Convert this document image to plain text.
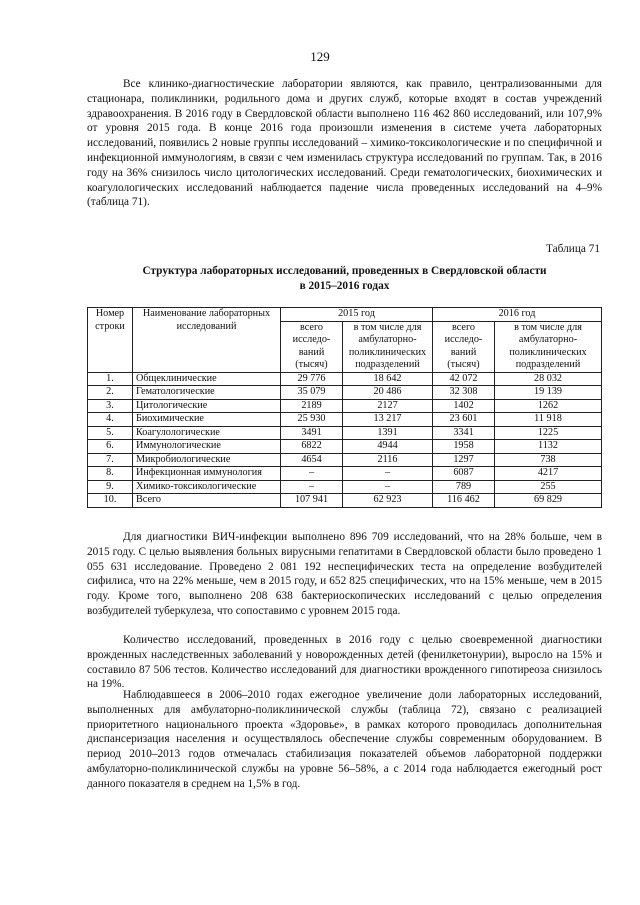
129

Все клинико-диагностические лаборатории являются, как правило, централизованными для стационара, поликлиники, родильного дома и других служб, которые входят в состав учреждений здравоохранения. В 2016 году в Свердловской области выполнено 116 462 860 исследований, или 107,9% от уровня 2015 года. В конце 2016 года произошли изменения в системе учета лабораторных исследований, появились 2 новые группы исследований – химико-токсикологические и по специфичной и инфекционной иммунологиям, в связи с чем изменилась структура исследований по группам. Так, в 2016 году на 36% снизилось число цитологических исследований. Среди гематологических, биохимических и коагулологических исследований наблюдается падение числа проведенных исследований на 4–9% (таблица 71).

Таблица 71
Структура лабораторных исследований, проведенных в Свердловской области
в 2015–2016 годах
Номер строки	Наименование лабораторных исследований	2015 год		2016 год	
		всего исследо-ваний (тысяч)	в том числе для амбулаторно-поликлинических подразделений	всего исследо-ваний (тысяч)	в том числе для амбулаторно-поликлинических подразделений
1.	Общеклинические	29 776	18 642	42 072	28 032
2.	Гематологические	35 079	20 486	32 308	19 139
3.	Цитологические	2189	2127	1402	1262
4.	Биохимические	25 930	13 217	23 601	11 918
5.	Коагулологические	3491	1391	3341	1225
6.	Иммунологические	6822	4944	1958	1132
7.	Микробиологические	4654	2116	1297	738
8.	Инфекционная иммунология	–	–	6087	4217
9.	Химико-токсикологические	–	–	789	255
10.	Всего	107 941	62 923	116 462	69 829

Для диагностики ВИЧ-инфекции выполнено 896 709 исследований, что на 28% больше, чем в 2015 году. С целью выявления больных вирусными гепатитами в Свердловской области было проведено 1 055 631 исследование. Проведено 2 081 192 неспецифических теста на определение возбудителей сифилиса, что на 22% меньше, чем в 2015 году, и 652 825 специфических, что на 15% меньше, чем в 2015 году. Кроме того, выполнено 208 638 бактериоскопических исследований с целью определения возбудителей туберкулеза, что сопоставимо с уровнем 2015 года.

Количество исследований, проведенных в 2016 году с целью своевременной диагностики врожденных наследственных заболеваний у новорожденных детей (фенилкетонурии), выросло на 15% и составило 87 506 тестов. Количество исследований для диагностики врожденного гипотиреоза снизилось на 19%.

Наблюдавшееся в 2006–2010 годах ежегодное увеличение доли лабораторных исследований, выполненных для амбулаторно-поликлинической службы (таблица 72), связано с реализацией приоритетного национального проекта «Здоровье», в рамках которого проводилась дополнительная диспансеризация населения и осуществлялось обеспечение службы современным оборудованием. В период 2010–2013 годов отмечалась стабилизация показателей объемов лабораторной поддержки амбулаторно-поликлинической службы на уровне 56–58%, а с 2014 года наблюдается ежегодный рост данного показателя в среднем на 1,5% в год.
